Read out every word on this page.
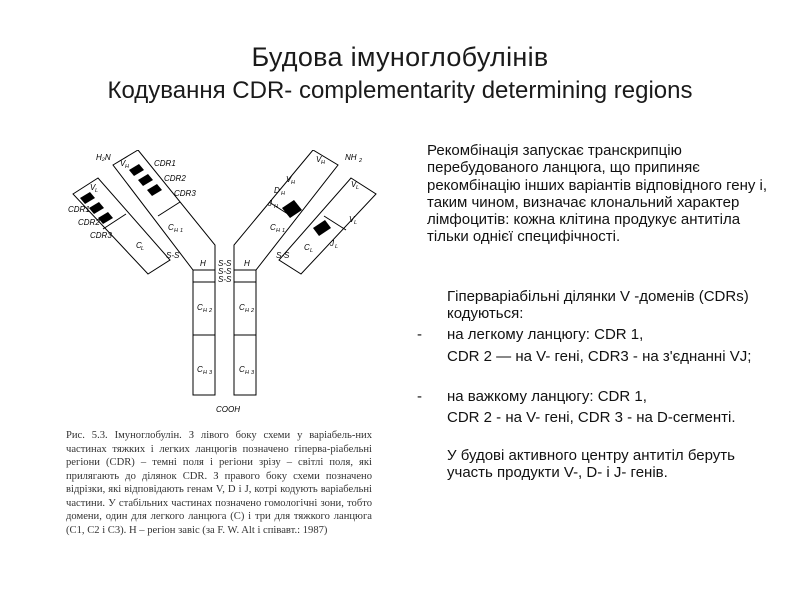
Будова імуноглобулінів
Кодування CDR- complementarity determining regions
H₂N
V	CDR1
CDR2
CDR3
V
CDR1
CDR2
CDR3
C
C
H
S-S
V	NH
D
J
V
V
V
C
C	J
S-S
H
S-S
S-S
S-S
C	C
C	C
COOH
H
L
L
H 1
H
H
L
L
H
H
H 1
L
L
2
H 2	H 2
H 3	H 3
Рис. 5.3. Імуноглобулін. З лівого боку схеми у варіабель-них частинах тяжких і легких ланцюгів позначено гіперва-ріабельні регіони (CDR) – темні поля і регіони зрізу – світлі поля, які прилягають до ділянок CDR. З правого боку схеми позначено відрізки, які відповідають генам V, D і J, котрі кодують варіабельні частини. У стабільних частинах позначено гомологічні зони, тобто домени, один для легкого ланцюга (C) і три для тяжкого ланцюга (C1, C2 і C3). H – регіон завіс (за F. W. Alt і співавт.: 1987)
Рекомбінація запускає транскрипцію перебудованого ланцюга, що припиняє рекомбінацію інших варіантів відповідного гену і, таким чином, визначає клональний характер лімфоцитів: кожна клітина продукує антитіла тільки однієї специфічності.
Гіперваріабільні ділянки V -доменів (CDRs) кодуються:
- на легкому ланцюгу: CDR 1,
CDR 2 — на V- гені, CDR3 - на з'єднанні VJ;
- на важкому ланцюгу: CDR 1,
CDR 2 - на V- гені, CDR 3 - на D-сегменті.
У будові активного центру антитіл беруть участь продукти V-, D- і J- генів.
